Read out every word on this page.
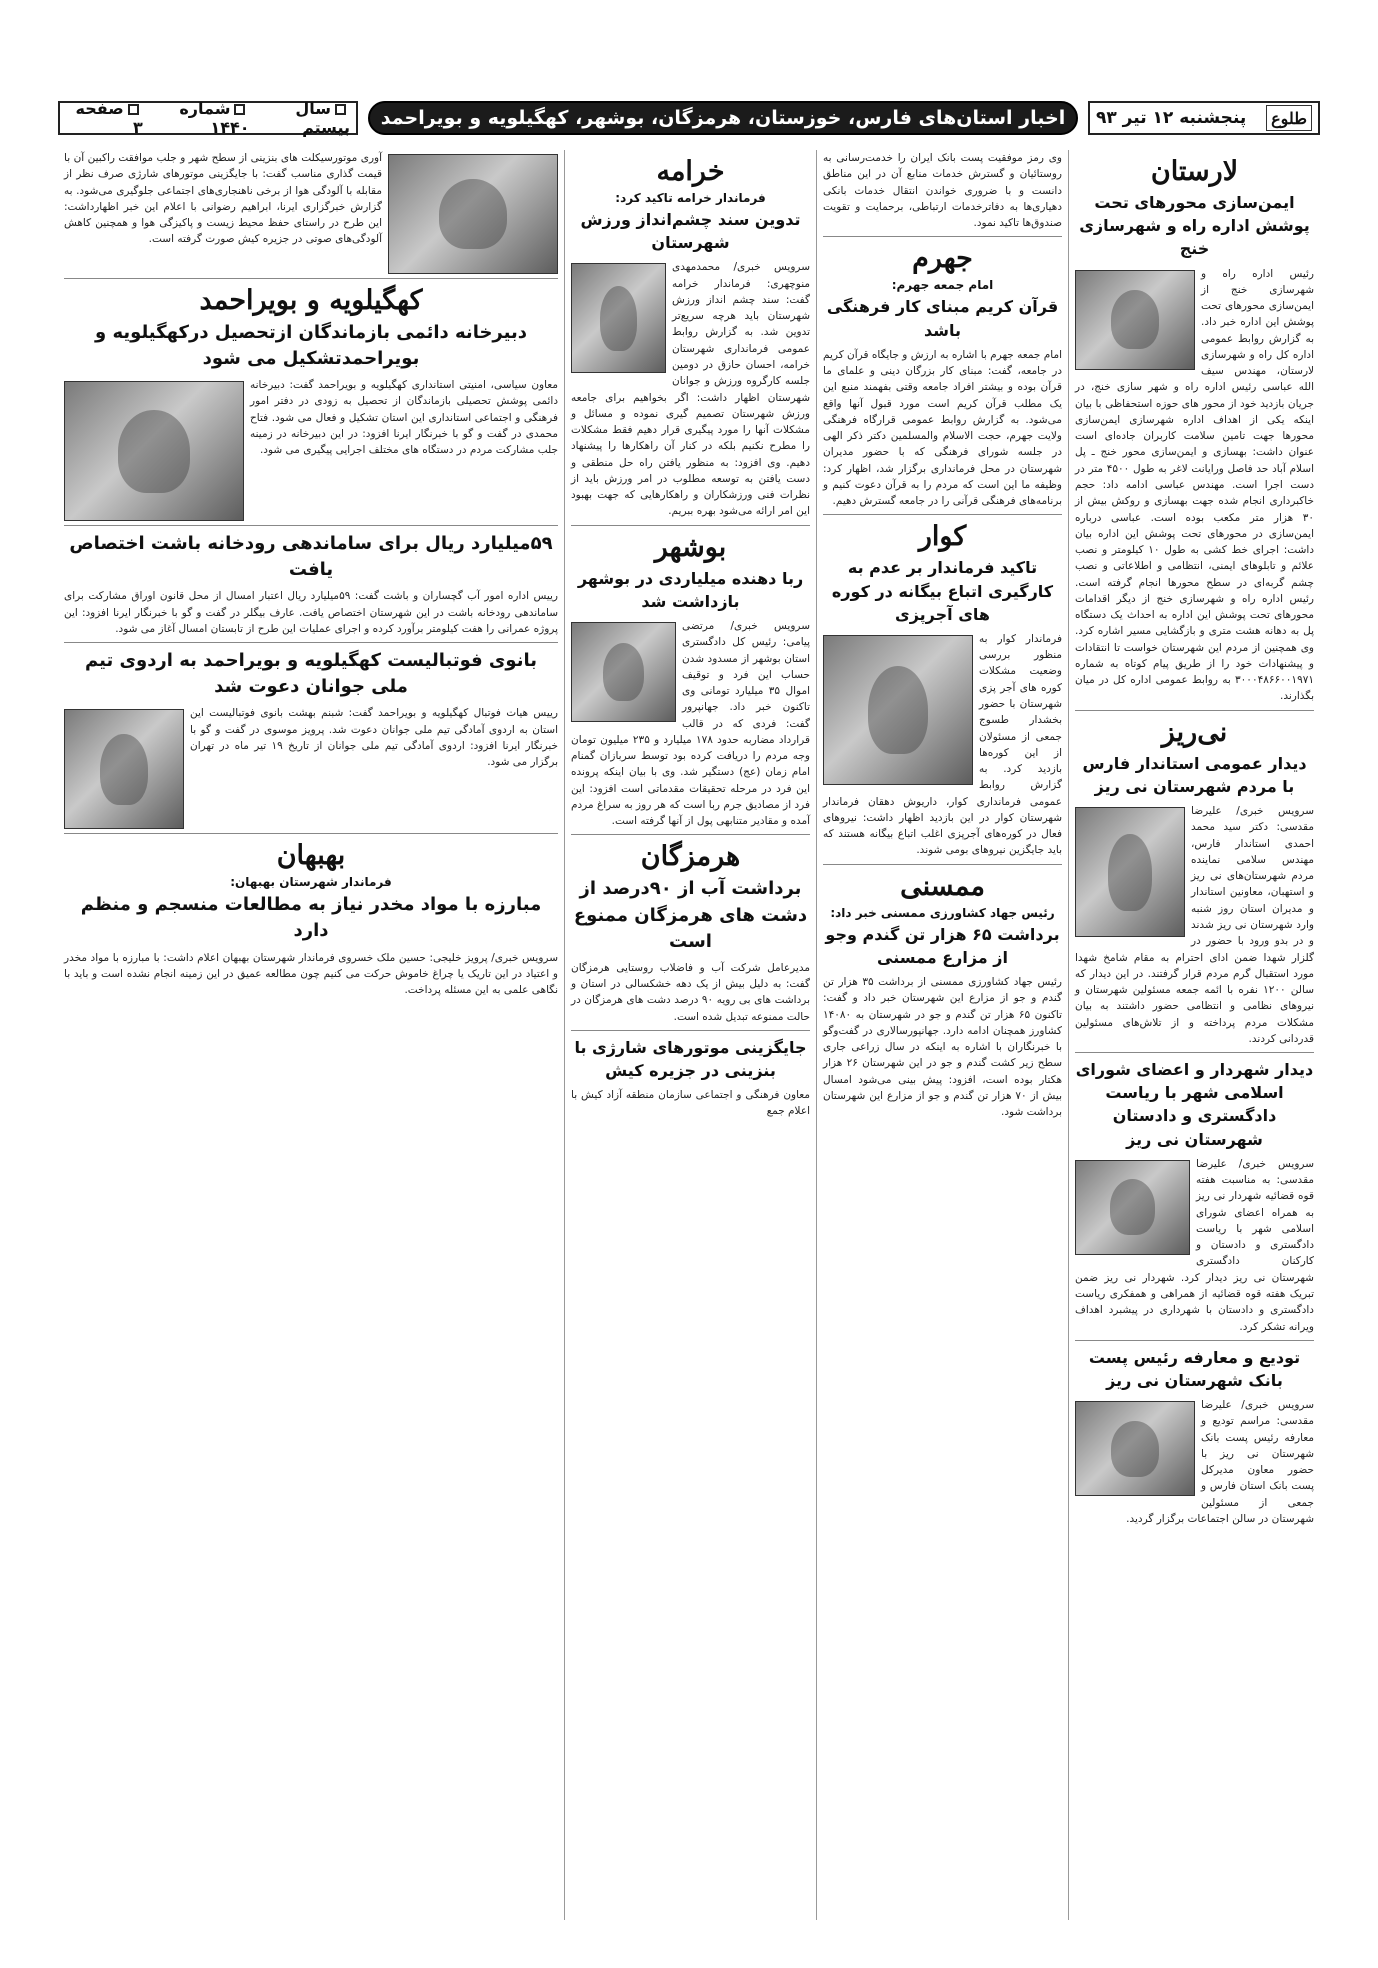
طلوع
پنجشنبه ۱۲ تیر ۹۳
اخبار استان‌های فارس، خوزستان، هرمزگان، بوشهر، کهگیلویه و بویراحمد
سال بیستم
شماره ۱۴۴۰
صفحه ۳
لارستان
ایمن‌سازی محورهای تحت پوشش اداره راه و شهرسازی خنج

رئیس اداره راه و شهرسازی خنج از ایمن‌سازی محورهای تحت پوشش این اداره خبر داد. به گزارش روابط عمومی اداره کل راه و شهرسازی لارستان، مهندس سیف الله عباسی رئیس اداره راه و شهر سازی خنج، در جریان بازدید خود از محور های حوزه استحفاظی با بیان اینکه یکی از اهداف اداره شهرسازی ایمن‌سازی محورها جهت تامین سلامت کاربران جاده‌ای است عنوان داشت: بهسازی و ایمن‌سازی محور خنج ـ پل اسلام آباد حد فاصل ورایانت لاغر به طول ۴۵۰۰ متر در دست اجرا است. مهندس عباسی ادامه داد: حجم خاکبرداری انجام شده جهت بهسازی و روکش بیش از ۳۰ هزار متر مکعب بوده است. عباسی درباره ایمن‌سازی در محورهای تحت پوشش این اداره بیان داشت: اجرای خط کشی به طول ۱۰ کیلومتر و نصب علائم و تابلوهای ایمنی، انتظامی و اطلاعاتی و نصب چشم گربه‌ای در سطح محورها انجام گرفته است. رئیس اداره راه و شهرسازی خنج از دیگر اقدامات محورهای تحت پوشش این اداره به احداث یک دستگاه پل به دهانه هشت متری و بازگشایی مسیر اشاره کرد. وی همچنین از مردم این شهرستان خواست تا انتقادات و پیشنهادات خود را از طریق پیام کوتاه به شماره ۳۰۰۰۴۸۶۶۰۰۱۹۷۱ به روابط عمومی اداره کل در میان بگذارند.

نی‌ریز
دیدار عمومی استاندار فارس با مردم شهرستان نی ریز

سرویس خبری/ علیرضا مقدسی: دکتر سید محمد احمدی استاندار فارس، مهندس سلامی نماینده مردم شهرستان‌های نی ریز و استهبان، معاونین استاندار و مدیران استان روز شنبه وارد شهرستان نی ریز شدند و در بدو ورود با حضور در گلزار شهدا ضمن ادای احترام به مقام شامخ شهدا مورد استقبال گرم مردم قرار گرفتند. در این دیدار که سالن ۱۲۰۰ نفره با ائمه جمعه مسئولین شهرستان و نیروهای نظامی و انتظامی حضور داشتند به بیان مشکلات مردم پرداخته و از تلاش‌های مسئولین قدردانی کردند.

دیدار شهردار و اعضای شورای اسلامی شهر با ریاست دادگستری و دادستان شهرستان نی ریز

سرویس خبری/ علیرضا مقدسی: به مناسبت هفته قوه قضائیه شهردار نی ریز به همراه اعضای شورای اسلامی شهر با ریاست دادگستری و دادستان و کارکنان دادگستری شهرستان نی ریز دیدار کرد. شهردار نی ریز ضمن تبریک هفته قوه قضائیه از همراهی و همفکری ریاست دادگستری و دادستان با شهرداری در پیشبرد اهداف ویرانه تشکر کرد.

تودیع و معارفه رئیس پست بانک شهرستان نی ریز

سرویس خبری/ علیرضا مقدسی: مراسم تودیع و معارفه رئیس پست بانک شهرستان نی ریز با حضور معاون مدیرکل پست بانک استان فارس و جمعی از مسئولین شهرستان در سالن اجتماعات برگزار گردید.

وی رمز موفقیت پست بانک ایران را خدمت‌رسانی به روستائیان و گسترش خدمات منابع آن در این مناطق دانست و با ضروری خواندن انتقال خدمات بانکی دهیاری‌ها به دفاترخدمات ارتباطی، برحمایت و تقویت صندوق‌ها تاکید نمود.

جهرم
امام جمعه جهرم:
قرآن کریم مبنای کار فرهنگی باشد

امام جمعه جهرم با اشاره به ارزش و جایگاه قرآن کریم در جامعه، گفت: مبنای کار بزرگان دینی و علمای ما قرآن بوده و بیشتر افراد جامعه وقتی بفهمند منبع این یک مطلب قرآن کریم است مورد قبول آنها واقع می‌شود. به گزارش روابط عمومی قرارگاه فرهنگی ولایت جهرم، حجت الاسلام والمسلمین دکتر ذکر الهی در جلسه شورای فرهنگی که با حضور مدیران شهرستان در محل فرمانداری برگزار شد، اظهار کرد: وظیفه ما این است که مردم را به قرآن دعوت کنیم و برنامه‌های فرهنگی قرآنی را در جامعه گسترش دهیم.

کوار
تاکید فرماندار بر عدم به کارگیری اتباع بیگانه در کوره های آجرپزی

فرماندار کوار به منظور بررسی وضعیت مشکلات کوره های آجر پزی شهرستان با حضور بخشدار طسوج جمعی از مسئولان از این کوره‌ها بازدید کرد. به گزارش روابط عمومی فرمانداری کوار، داریوش دهقان فرماندار شهرستان کوار در این بازدید اظهار داشت: نیروهای فعال در کوره‌های آجرپزی اغلب اتباع بیگانه هستند که باید جایگزین نیروهای بومی شوند.

ممسنی
رئیس جهاد کشاورزی ممسنی خبر داد:
برداشت ۶۵ هزار تن گندم وجو از مزارع ممسنی

رئیس جهاد کشاورزی ممسنی از برداشت ۳۵ هزار تن گندم و جو از مزارع این شهرستان خبر داد و گفت: تاکنون ۶۵ هزار تن گندم و جو در شهرستان به ۱۴۰۸۰ کشاورز همچنان ادامه دارد. جهانپورسالاری در گفت‌وگو با خبرنگاران با اشاره به اینکه در سال زراعی جاری سطح زیر کشت گندم و جو در این شهرستان ۲۶ هزار هکتار بوده است، افزود: پیش بینی می‌شود امسال بیش از ۷۰ هزار تن گندم و جو از مزارع این شهرستان برداشت شود.

خرامه
فرماندار خرامه تاکید کرد:
تدوین سند چشم‌انداز ورزش شهرستان

سرویس خبری/ محمدمهدی منوچهری: فرماندار خرامه گفت: سند چشم انداز ورزش شهرستان باید هرچه سریع‌تر تدوین شد. به گزارش روابط عمومی فرمانداری شهرستان خرامه، احسان حازق در دومین جلسه کارگروه ورزش و جوانان شهرستان اظهار داشت: اگر بخواهیم برای جامعه ورزش شهرستان تصمیم گیری نموده و مسائل و مشکلات آنها را مورد پیگیری قرار دهیم فقط مشکلات را مطرح نکنیم بلکه در کنار آن راهکارها را پیشنهاد دهیم. وی افزود: به منظور یافتن راه حل منطقی و دست یافتن به توسعه مطلوب در امر ورزش باید از نظرات فنی ورزشکاران و راهکارهایی که جهت بهبود این امر ارائه می‌شود بهره ببریم.

بوشهر
ربا دهنده میلیاردی در بوشهر بازداشت شد

سرویس خبری/ مرتضی پیامی: رئیس کل دادگستری استان بوشهر از مسدود شدن حساب این فرد و توقیف اموال ۳۵ میلیارد تومانی وی تاکنون خبر داد. جهانپرور گفت: فردی که در قالب قرارداد مضاربه حدود ۱۷۸ میلیارد و ۲۳۵ میلیون تومان وجه مردم را دریافت کرده بود توسط سربازان گمنام امام زمان (عج) دستگیر شد. وی با بیان اینکه پرونده این فرد در مرحله تحقیقات مقدماتی است افزود: این فرد از مصادیق جرم ربا است که هر روز به سراغ مردم آمده و مقادیر متنابهی پول از آنها گرفته است.

هرمزگان
برداشت آب از ۹۰درصد از دشت های هرمزگان ممنوع است

مدیرعامل شرکت آب و فاضلاب روستایی هرمزگان گفت: به دلیل بیش از یک دهه خشکسالی در استان و برداشت های بی رویه ۹۰ درصد دشت های هرمزگان در حالت ممنوعه تبدیل شده است.

جایگزینی موتورهای شارژی با بنزینی در جزیره کیش

معاون فرهنگی و اجتماعی سازمان منطقه آزاد کیش با اعلام جمع

آوری موتورسیکلت های بنزینی از سطح شهر و جلب موافقت راکبین آن با قیمت گذاری مناسب گفت: با جایگزینی موتورهای شارژی صرف نظر از مقابله با آلودگی هوا از برخی ناهنجاری‌های اجتماعی جلوگیری می‌شود. به گزارش خبرگزاری ایرنا، ابراهیم رضوانی با اعلام این خبر اظهارداشت: این طرح در راستای حفظ محیط زیست و پاکیزگی هوا و همچنین کاهش آلودگی‌های صوتی در جزیره کیش صورت گرفته است.

کهگیلویه و بویراحمد
دبیرخانه دائمی بازماندگان ازتحصیل درکهگیلویه و بویراحمدتشکیل می شود

معاون سیاسی، امنیتی استانداری کهگیلویه و بویراحمد گفت: دبیرخانه دائمی پوشش تحصیلی بازماندگان از تحصیل به زودی در دفتر امور فرهنگی و اجتماعی استانداری این استان تشکیل و فعال می شود. فتاح محمدی در گفت و گو با خبرنگار ایرنا افزود: در این دبیرخانه در زمینه جلب مشارکت مردم در دستگاه های مختلف اجرایی پیگیری می شود.

۵۹میلیارد ریال برای ساماندهی رودخانه باشت اختصاص یافت

رییس اداره امور آب گچساران و باشت گفت: ۵۹میلیارد ریال اعتبار امسال از محل قانون اوراق مشارکت برای ساماندهی رودخانه باشت در این شهرستان اختصاص یافت. عارف بیگلر در گفت و گو با خبرنگار ایرنا افزود: این پروژه عمرانی را هفت کیلومتر برآورد کرده و اجرای عملیات این طرح از تابستان امسال آغاز می شود.

بانوی فوتبالیست کهگیلویه و بویراحمد به اردوی تیم ملی جوانان دعوت شد

رییس هیات فوتبال کهگیلویه و بویراحمد گفت: شبنم بهشت بانوی فوتبالیست این استان به اردوی آمادگی تیم ملی جوانان دعوت شد. پرویز موسوی در گفت و گو با خبرنگار ایرنا افزود: اردوی آمادگی تیم ملی جوانان از تاریخ ۱۹ تیر ماه در تهران برگزار می شود.

بهبهان
فرماندار شهرستان بهبهان:
مبارزه با مواد مخدر نیاز به مطالعات منسجم و منظم دارد

سرویس خبری/ پرویز خلیجی: حسین ملک خسروی فرماندار شهرستان بهبهان اعلام داشت: با مبارزه با مواد مخدر و اعتیاد در این تاریک یا چراغ خاموش حرکت می کنیم چون مطالعه عمیق در این زمینه انجام نشده است و باید با نگاهی علمی به این مسئله پرداخت.
